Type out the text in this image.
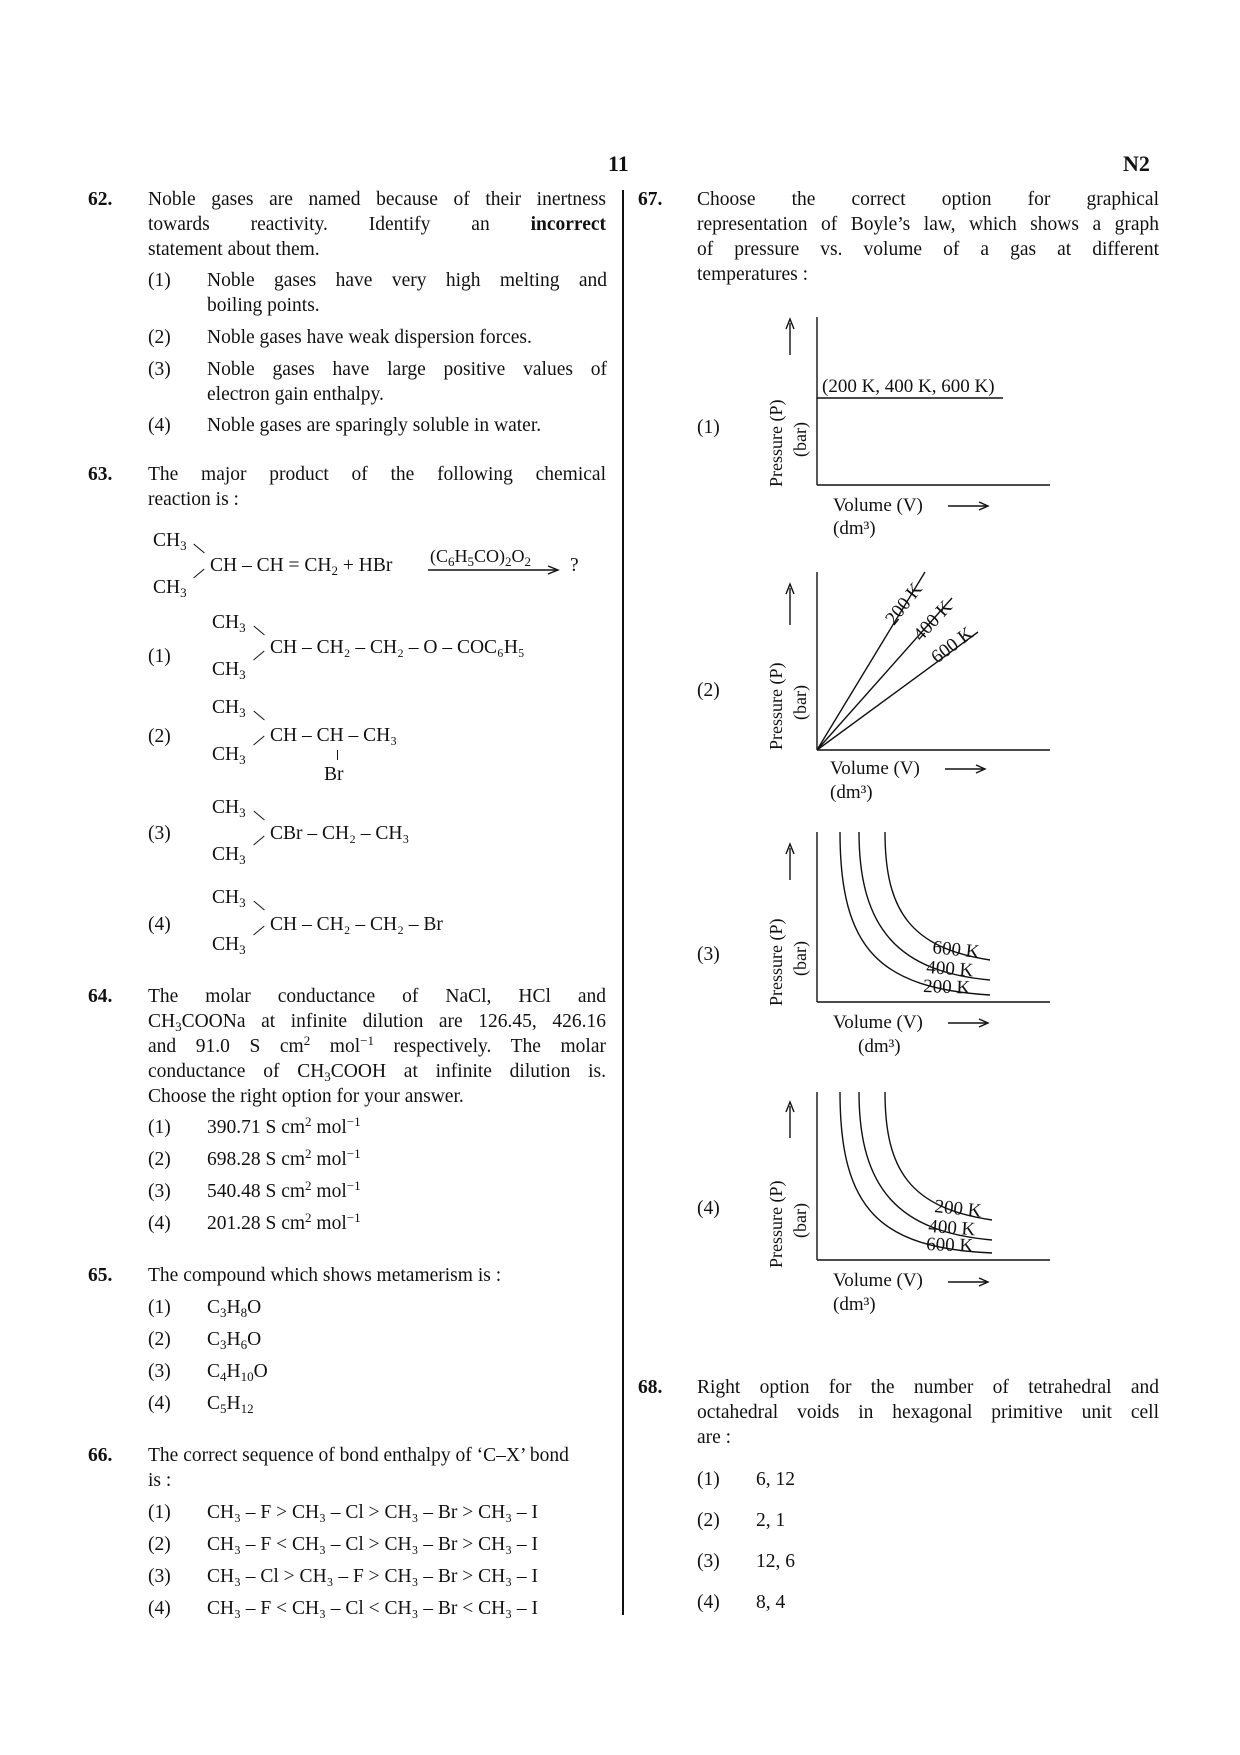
11	N2
62. Noble gases are named because of their inertness
towards reactivity. Identify an incorrect
statement about them.
(1) Noble gases have very high melting and
boiling points.
(2) Noble gases have weak dispersion forces.
(3) Noble gases have large positive values of
electron gain enthalpy.
(4) Noble gases are sparingly soluble in water.
63. The major product of the following chemical
reaction is :
$CH_3$
$CH_3$
CH – CH = $CH_2$ + HBr $(C_6H_5CO)_2O_2$ ?
(1)
$CH_3$
$CH_3$
CH – CH₂ – CH₂ – O – COC₆H₅
(2)
$CH_3$
$CH_3$
CH – CH – CH₃
Br
(3)
$CH_3$
$CH_3$
CBr – CH₂ – CH₃
(4)
$CH_3$
$CH_3$
CH – CH₂ – CH₂ – Br
64. The molar conductance of NaCl, HCl and
$CH_3COONa$ at infinite dilution are 126.45, 426.16
and 91.0 S $cm^2$ mol$^{-1}$ respectively. The molar
conductance of $CH_3COOH$ at infinite dilution is.
Choose the right option for your answer.
(1) 390.71 S $cm^2$ mol$^{-1}$
(2) 698.28 S $cm^2$ mol$^{-1}$
(3) 540.48 S $cm^2$ mol$^{-1}$
(4) 201.28 S $cm^2$ mol$^{-1}$
65. The compound which shows metamerism is :
(1) $C_3H_8O$
(2) $C_3H_6O$
(3) $C_4H_{10}O$
(4) $C_5H_{12}$
66. The correct sequence of bond enthalpy of ‘C–X’ bond
is :
(1) CH₃ – F > CH₃ – Cl > CH₃ – Br > CH₃ – I
(2) CH₃ – F < CH₃ – Cl > CH₃ – Br > CH₃ – I
(3) CH₃ – Cl > CH₃ – F > CH₃ – Br > CH₃ – I
(4) CH₃ – F < CH₃ – Cl < CH₃ – Br < CH₃ – I
67. Choose the correct option for graphical
representation of Boyle’s law, which shows a graph
of pressure vs. volume of a gas at different
temperatures :
(1)
(200 K, 400 K, 600 K)
Pressure (P) (bar)
Volume (V)
(dm³)
(2)
200 K
400 K
600 K
Pressure (P) (bar)
Volume (V)
(dm³)
(3)	600 K
400 K
200 K
Pressure (P) (bar)
Volume (V)
(dm³)
(4)	200 K
400 K
600 K
Pressure (P) (bar)
Volume (V)
(dm³)
68. Right option for the number of tetrahedral and
octahedral voids in hexagonal primitive unit cell
are :
(1) 6, 12
(2) 2, 1
(3) 12, 6
(4) 8, 4
